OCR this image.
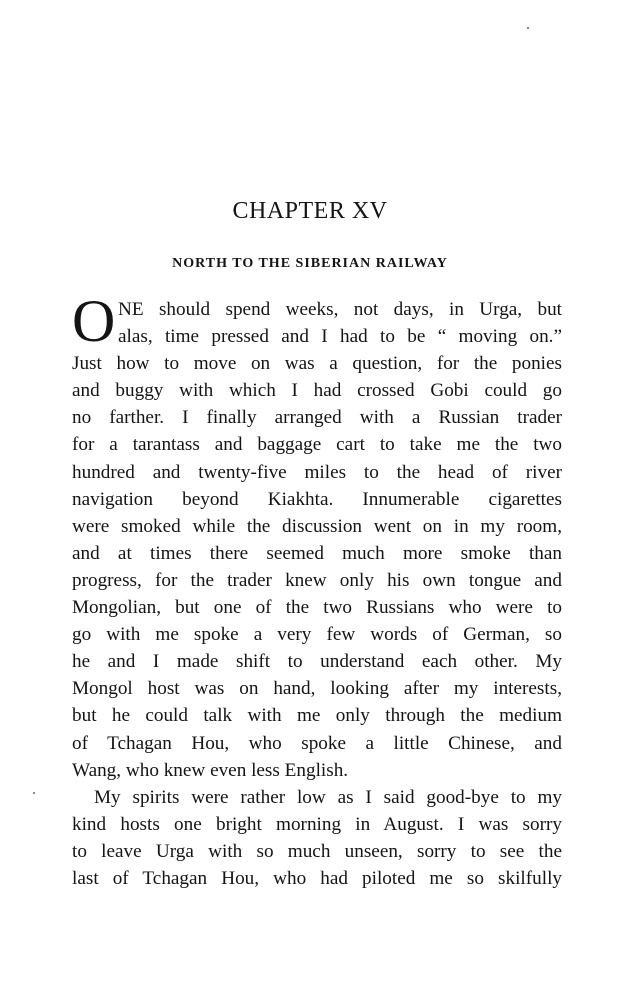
CHAPTER XV
NORTH TO THE SIBERIAN RAILWAY
O NE should spend weeks, not days, in Urga, but
alas, time pressed and I had to be “ moving on.”
Just how to move on was a question, for the ponies
and buggy with which I had crossed Gobi could go
no farther. I finally arranged with a Russian trader
for a tarantass and baggage cart to take me the two
hundred and twenty-five miles to the head of river
navigation beyond Kiakhta. Innumerable cigarettes
were smoked while the discussion went on in my room,
and at times there seemed much more smoke than
progress, for the trader knew only his own tongue and
Mongolian, but one of the two Russians who were to
go with me spoke a very few words of German, so
he and I made shift to understand each other. My
Mongol host was on hand, looking after my interests,
but he could talk with me only through the medium
of Tchagan Hou, who spoke a little Chinese, and
Wang, who knew even less English.
My spirits were rather low as I said good-bye to my
kind hosts one bright morning in August. I was sorry
to leave Urga with so much unseen, sorry to see the
last of Tchagan Hou, who had piloted me so skilfully
